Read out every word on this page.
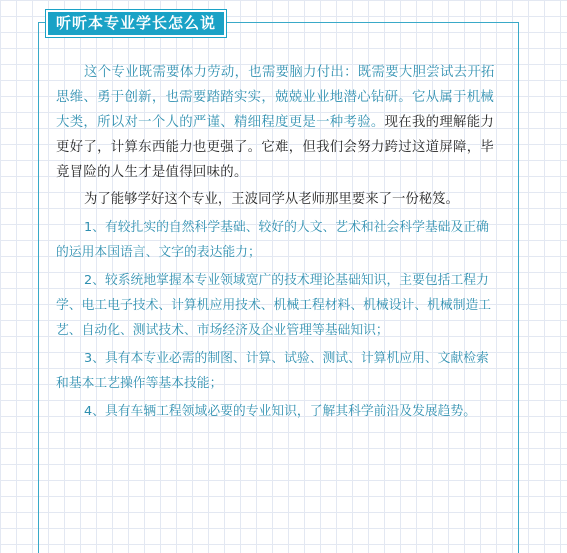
听听本专业学长怎么说

这个专业既需要体力劳动，也需要脑力付出：既需要大胆尝试去开拓思维、勇于创新，也需要踏踏实实，兢兢业业地潜心钻研。它从属于机械大类，所以对一个人的严谨、精细程度更是一种考验。现在我的理解能力更好了，计算东西能力也更强了。它难，但我们会努力跨过这道屏障，毕竟冒险的人生才是值得回味的。

为了能够学好这个专业，王波同学从老师那里要来了一份秘笈。

1、有较扎实的自然科学基础、较好的人文、艺术和社会科学基础及正确的运用本国语言、文字的表达能力；

2、较系统地掌握本专业领域宽广的技术理论基础知识，主要包括工程力学、电工电子技术、计算机应用技术、机械工程材料、机械设计、机械制造工艺、自动化、测试技术、市场经济及企业管理等基础知识；

3、具有本专业必需的制图、计算、试验、测试、计算机应用、文献检索和基本工艺操作等基本技能；

4、具有车辆工程领域必要的专业知识，了解其科学前沿及发展趋势。
